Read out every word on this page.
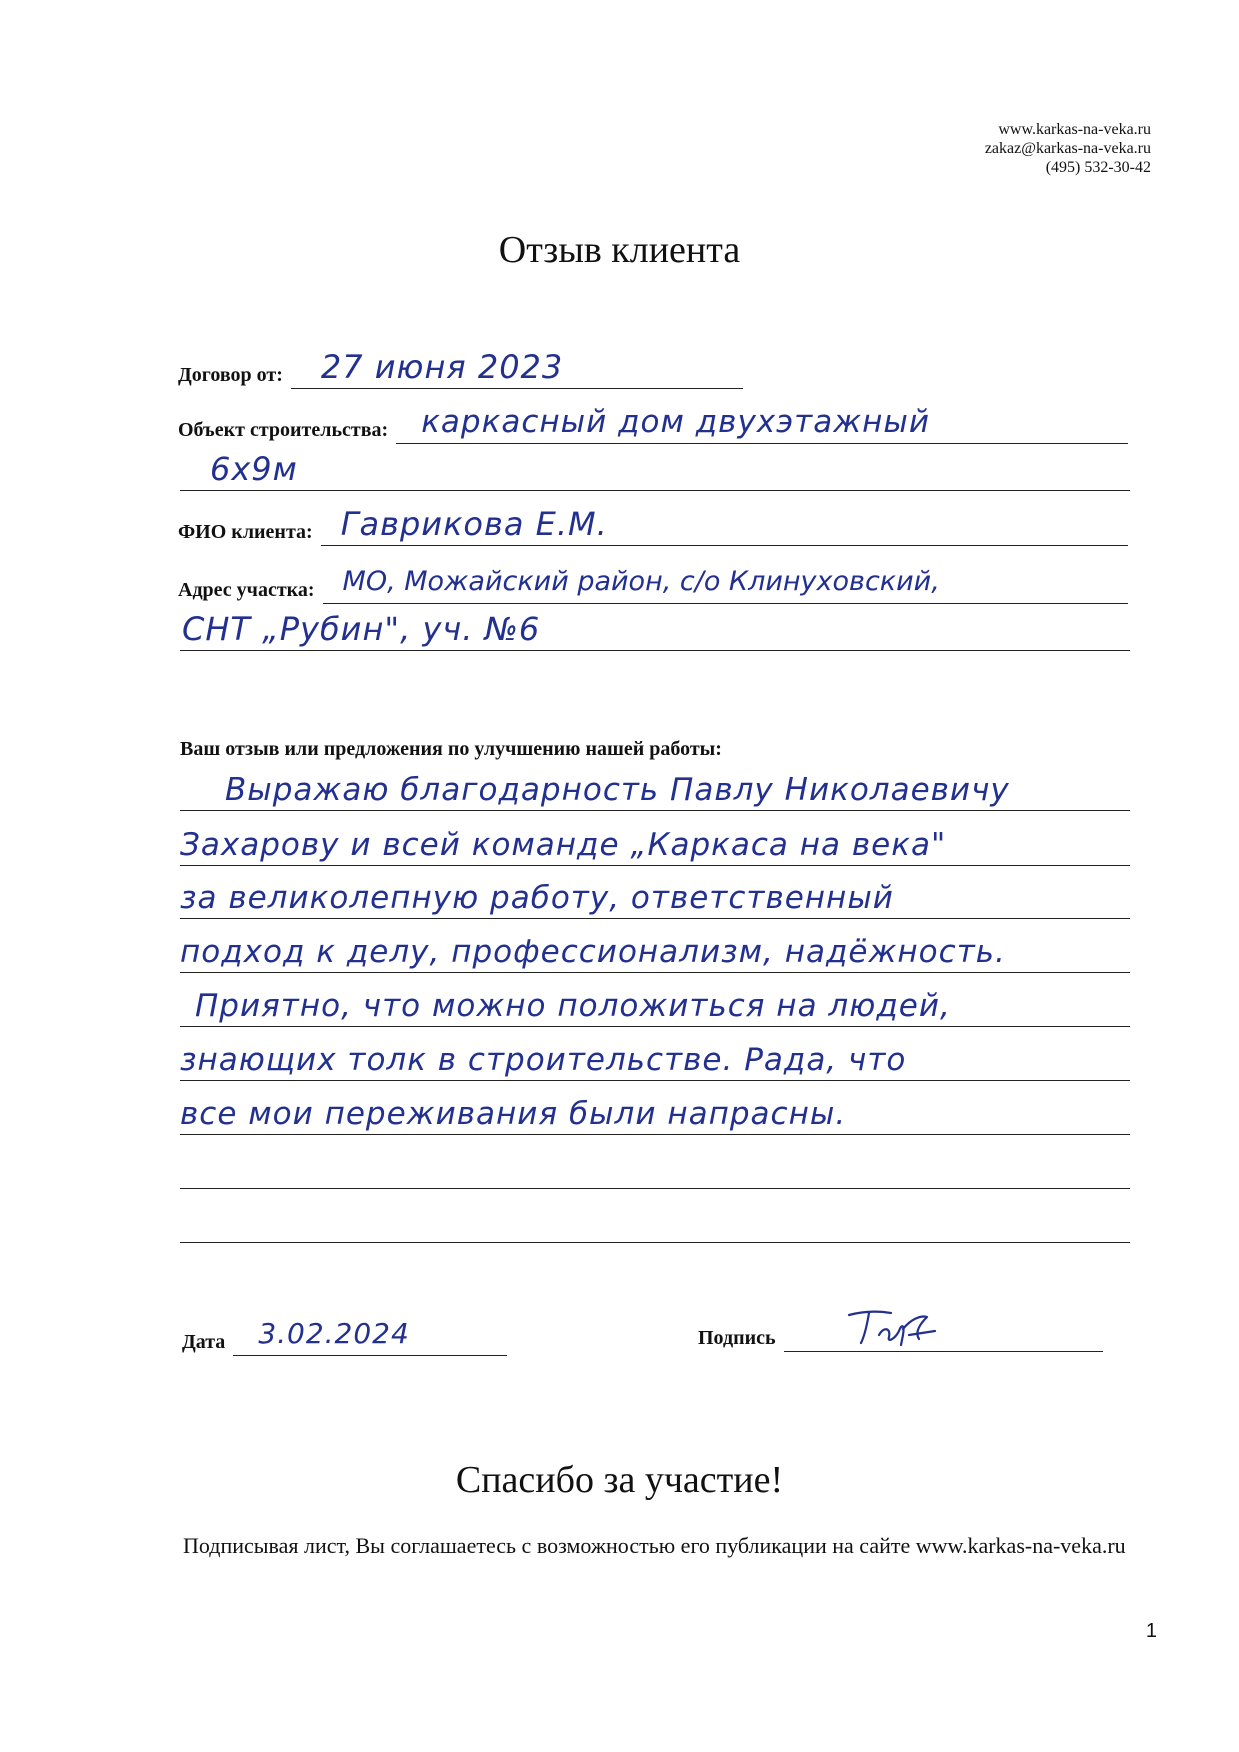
www.karkas-na-veka.ru
zakaz@karkas-na-veka.ru
(495) 532-30-42
Отзыв клиента
Договор от: 27 июня 2023
Объект строительства: каркасный дом двухэтажный
6х9м
ФИО клиента: Гаврикова Е.М.
Адрес участка: МО, Можайский район, с/о Клинуховский,
СНТ „Рубин", уч. №6
Ваш отзыв или предложения по улучшению нашей работы:
Выражаю благодарность Павлу Николаевичу
Захарову и всей команде „Каркаса на века"
за великолепную работу, ответственный
подход к делу, профессионализм, надёжность.
Приятно, что можно положиться на людей,
знающих толк в строительстве. Рада, что
все мои переживания были напрасны.
Дата 3.02.2024	Подпись
Спасибо за участие!
Подписывая лист, Вы соглашаетесь с возможностью его публикации на сайте www.karkas-na-veka.ru
1
